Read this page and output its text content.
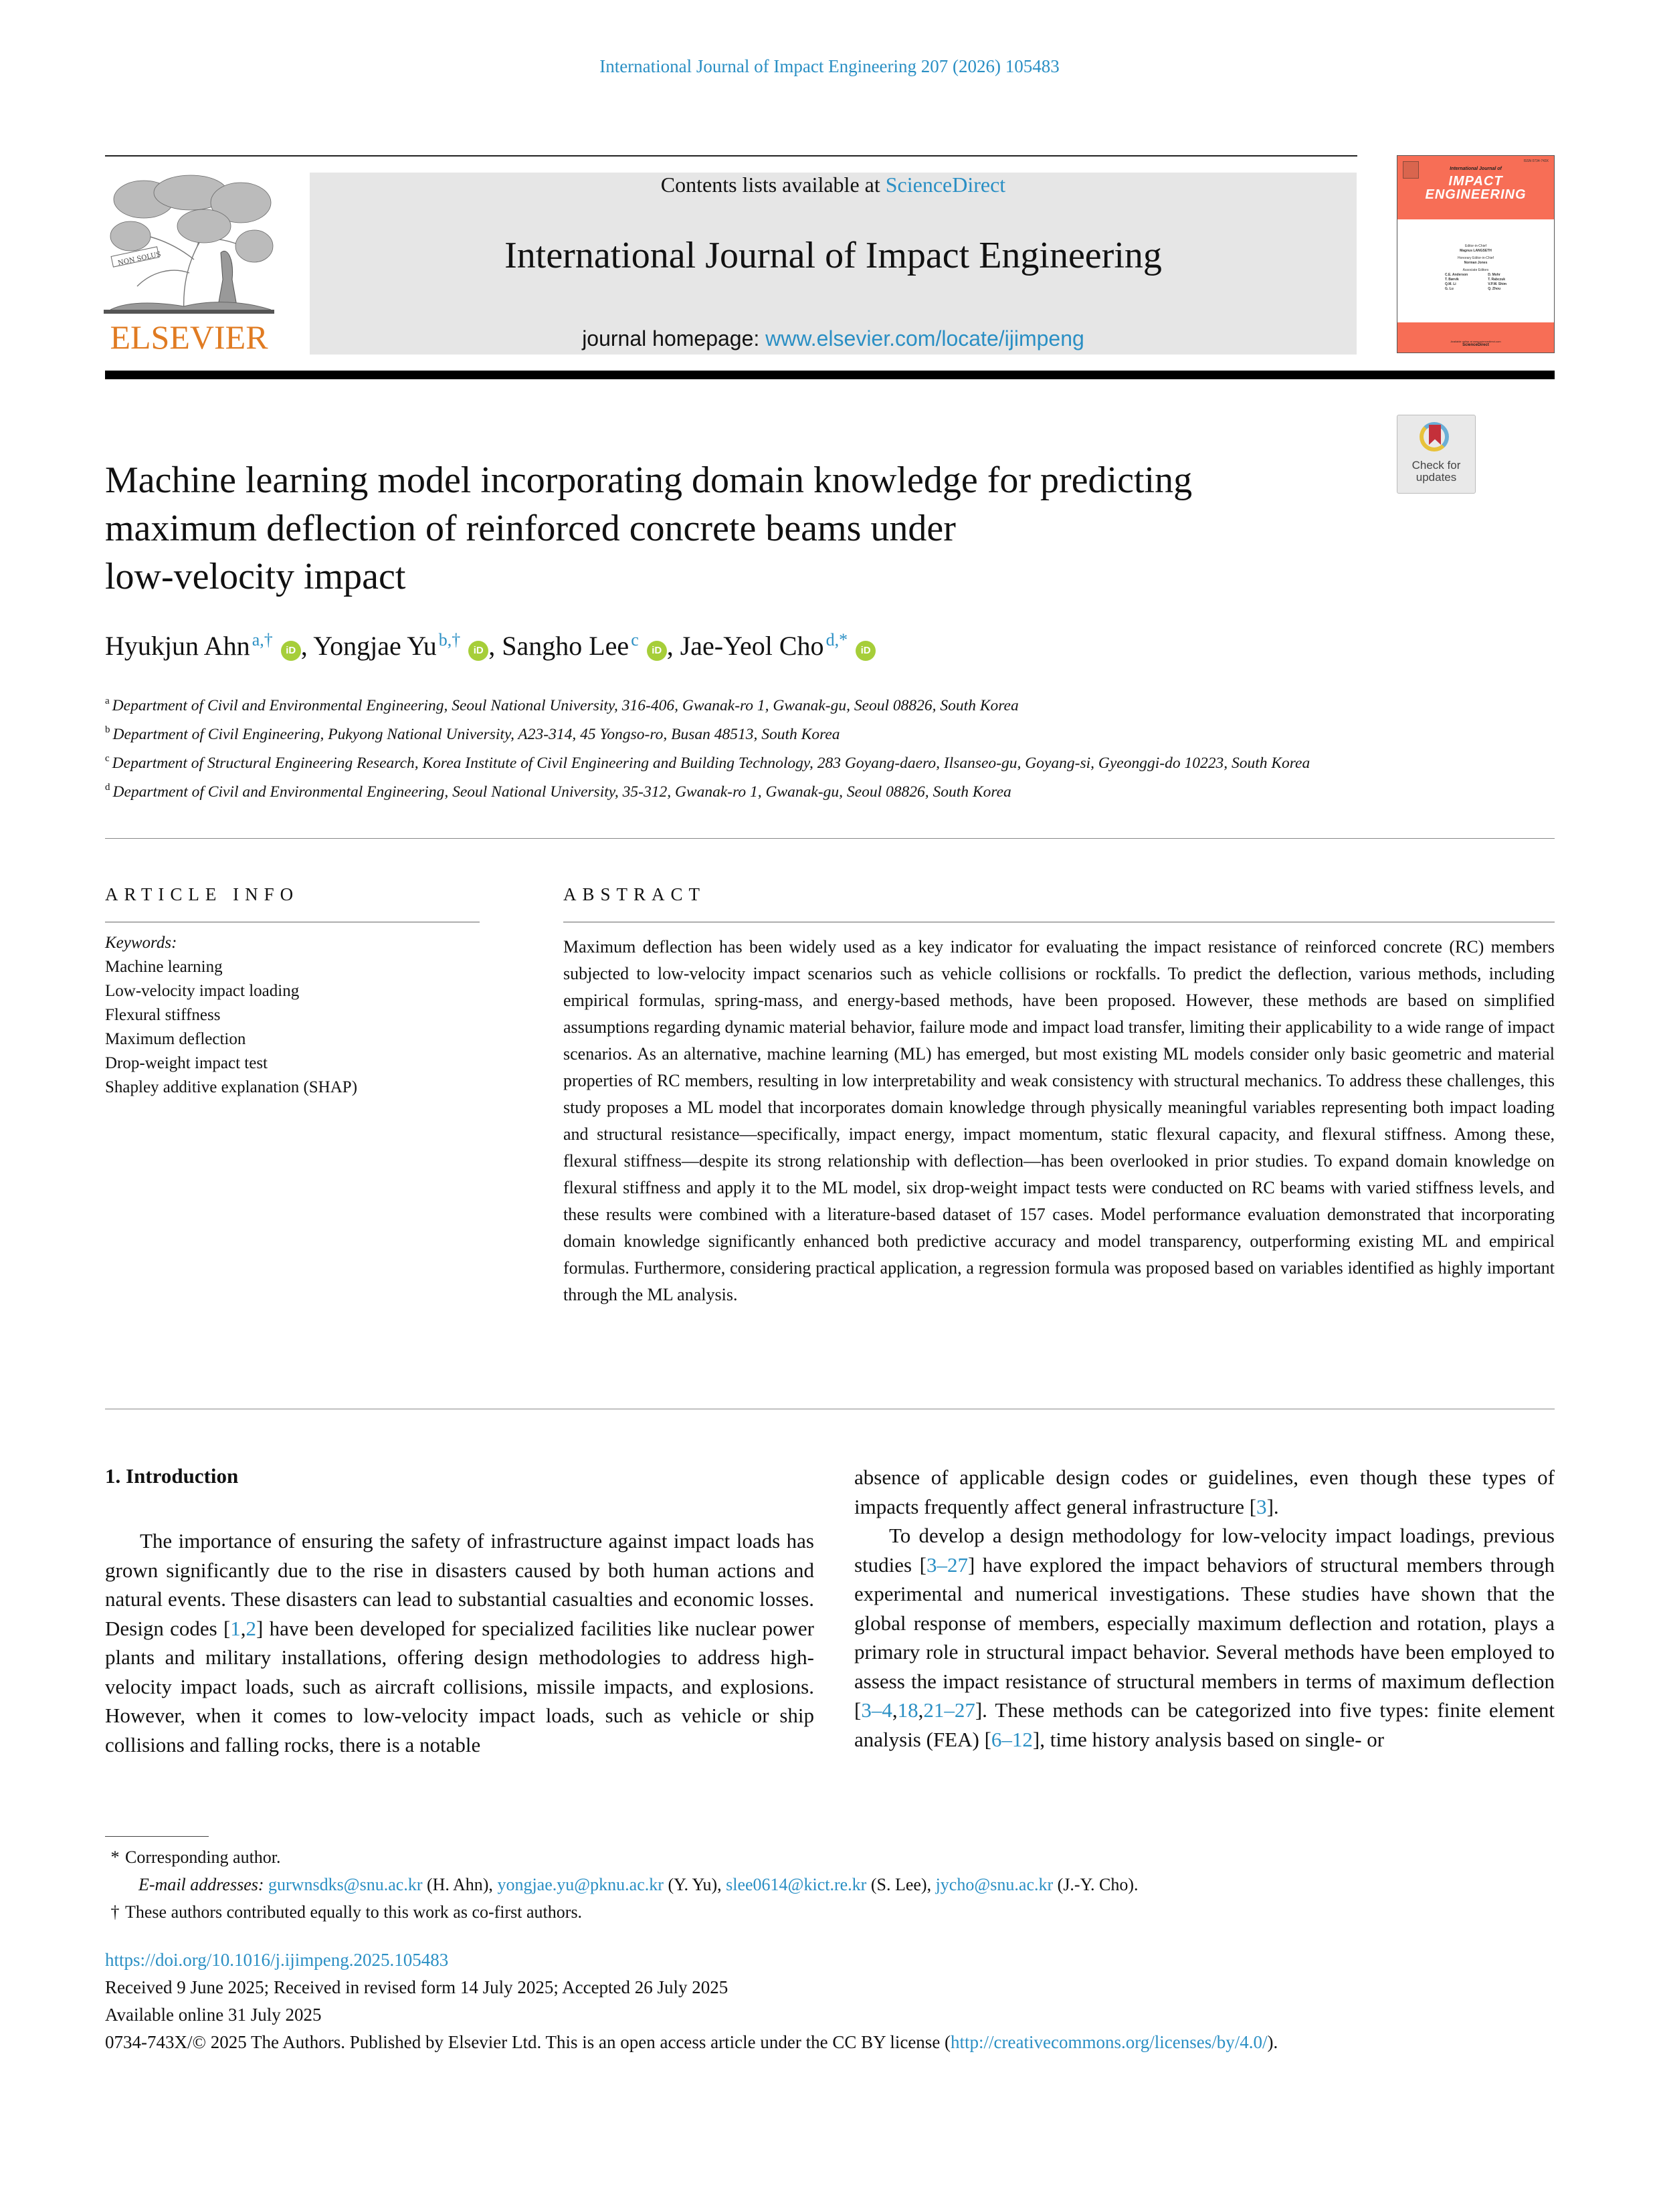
International Journal of Impact Engineering 207 (2026) 105483
NON SOLUS
ELSEVIER
Contents lists available at ScienceDirect
International Journal of Impact Engineering
journal homepage: www.elsevier.com/locate/ijimpeng
ISSN 0734-743X
International Journal of
IMPACT
ENGINEERING
Editor-in-Chief
Magnus LANGSETH
Honorary Editor-in-Chief
Norman Jones
Associate Editors
C.E. Anderson
T. Børvik
Q.M. Li
G. Lu
D. Mohr
T. Rabczuk
V.P.W. Shim
Q. Zhou
Available online at www.sciencedirect.com
ScienceDirect
Check for
updates
Machine learning model incorporating domain knowledge for predicting
maximum deflection of reinforced concrete beams under
low-velocity impact
Hyukjun Ahn $^{a,\dagger}$ iD , Yongjae Yu $^{b,\dagger}$ iD , Sangho Lee $^c$ iD , Jae-Yeol Cho $^{d,*}$ iD
$^a$ Department of Civil and Environmental Engineering, Seoul National University, 316-406, Gwanak-ro 1, Gwanak-gu, Seoul 08826, South Korea
$^b$ Department of Civil Engineering, Pukyong National University, A23-314, 45 Yongso-ro, Busan 48513, South Korea
$^c$ Department of Structural Engineering Research, Korea Institute of Civil Engineering and Building Technology, 283 Goyang-daero, Ilsanseo-gu, Goyang-si, Gyeonggi-do 10223, South Korea
$^d$ Department of Civil and Environmental Engineering, Seoul National University, 35-312, Gwanak-ro 1, Gwanak-gu, Seoul 08826, South Korea
ARTICLE INFO
Keywords:
Machine learning
Low-velocity impact loading
Flexural stiffness
Maximum deflection
Drop-weight impact test
Shapley additive explanation (SHAP)
ABSTRACT
Maximum deflection has been widely used as a key indicator for evaluating the impact resistance of reinforced concrete (RC) members subjected to low-velocity impact scenarios such as vehicle collisions or rockfalls. To predict the deflection, various methods, including empirical formulas, spring-mass, and energy-based methods, have been proposed. However, these methods are based on simplified assumptions regarding dynamic material behavior, failure mode and impact load transfer, limiting their applicability to a wide range of impact scenarios. As an alternative, machine learning (ML) has emerged, but most existing ML models consider only basic geometric and material properties of RC members, resulting in low interpretability and weak consistency with structural mechanics. To address these challenges, this study proposes a ML model that incorporates domain knowledge through physically meaningful variables representing both impact loading and structural resistance—specifically, impact energy, impact momentum, static flexural capacity, and flexural stiffness. Among these, flexural stiffness—despite its strong relationship with deflection—has been overlooked in prior studies. To expand domain knowledge on flexural stiffness and apply it to the ML model, six drop-weight impact tests were conducted on RC beams with varied stiffness levels, and these results were combined with a literature-based dataset of 157 cases. Model performance evaluation demonstrated that incorporating domain knowledge significantly enhanced both predictive accuracy and model transparency, outperforming existing ML and empirical formulas. Furthermore, considering practical application, a regression formula was proposed based on variables identified as highly important through the ML analysis.
1. Introduction

The importance of ensuring the safety of infrastructure against impact loads has grown significantly due to the rise in disasters caused by both human actions and natural events. These disasters can lead to substantial casualties and economic losses. Design codes [1,2] have been developed for specialized facilities like nuclear power plants and military installations, offering design methodologies to address high-velocity impact loads, such as aircraft collisions, missile impacts, and explosions. However, when it comes to low-velocity impact loads, such as vehicle or ship collisions and falling rocks, there is a notable

absence of applicable design codes or guidelines, even though these types of impacts frequently affect general infrastructure [3].

To develop a design methodology for low-velocity impact loadings, previous studies [3–27] have explored the impact behaviors of structural members through experimental and numerical investigations. These studies have shown that the global response of members, especially maximum deflection and rotation, plays a primary role in structural impact behavior. Several methods have been employed to assess the impact resistance of structural members in terms of maximum deflection [3–4,18,21–27]. These methods can be categorized into five types: finite element analysis (FEA) [6–12], time history analysis based on single- or

* Corresponding author.
E-mail addresses: gurwnsdks@snu.ac.kr (H. Ahn), yongjae.yu@pknu.ac.kr (Y. Yu), slee0614@kict.re.kr (S. Lee), jycho@snu.ac.kr (J.-Y. Cho).
† These authors contributed equally to this work as co-first authors.
https://doi.org/10.1016/j.ijimpeng.2025.105483
Received 9 June 2025; Received in revised form 14 July 2025; Accepted 26 July 2025
Available online 31 July 2025
0734-743X/© 2025 The Authors. Published by Elsevier Ltd. This is an open access article under the CC BY license (http://creativecommons.org/licenses/by/4.0/).
